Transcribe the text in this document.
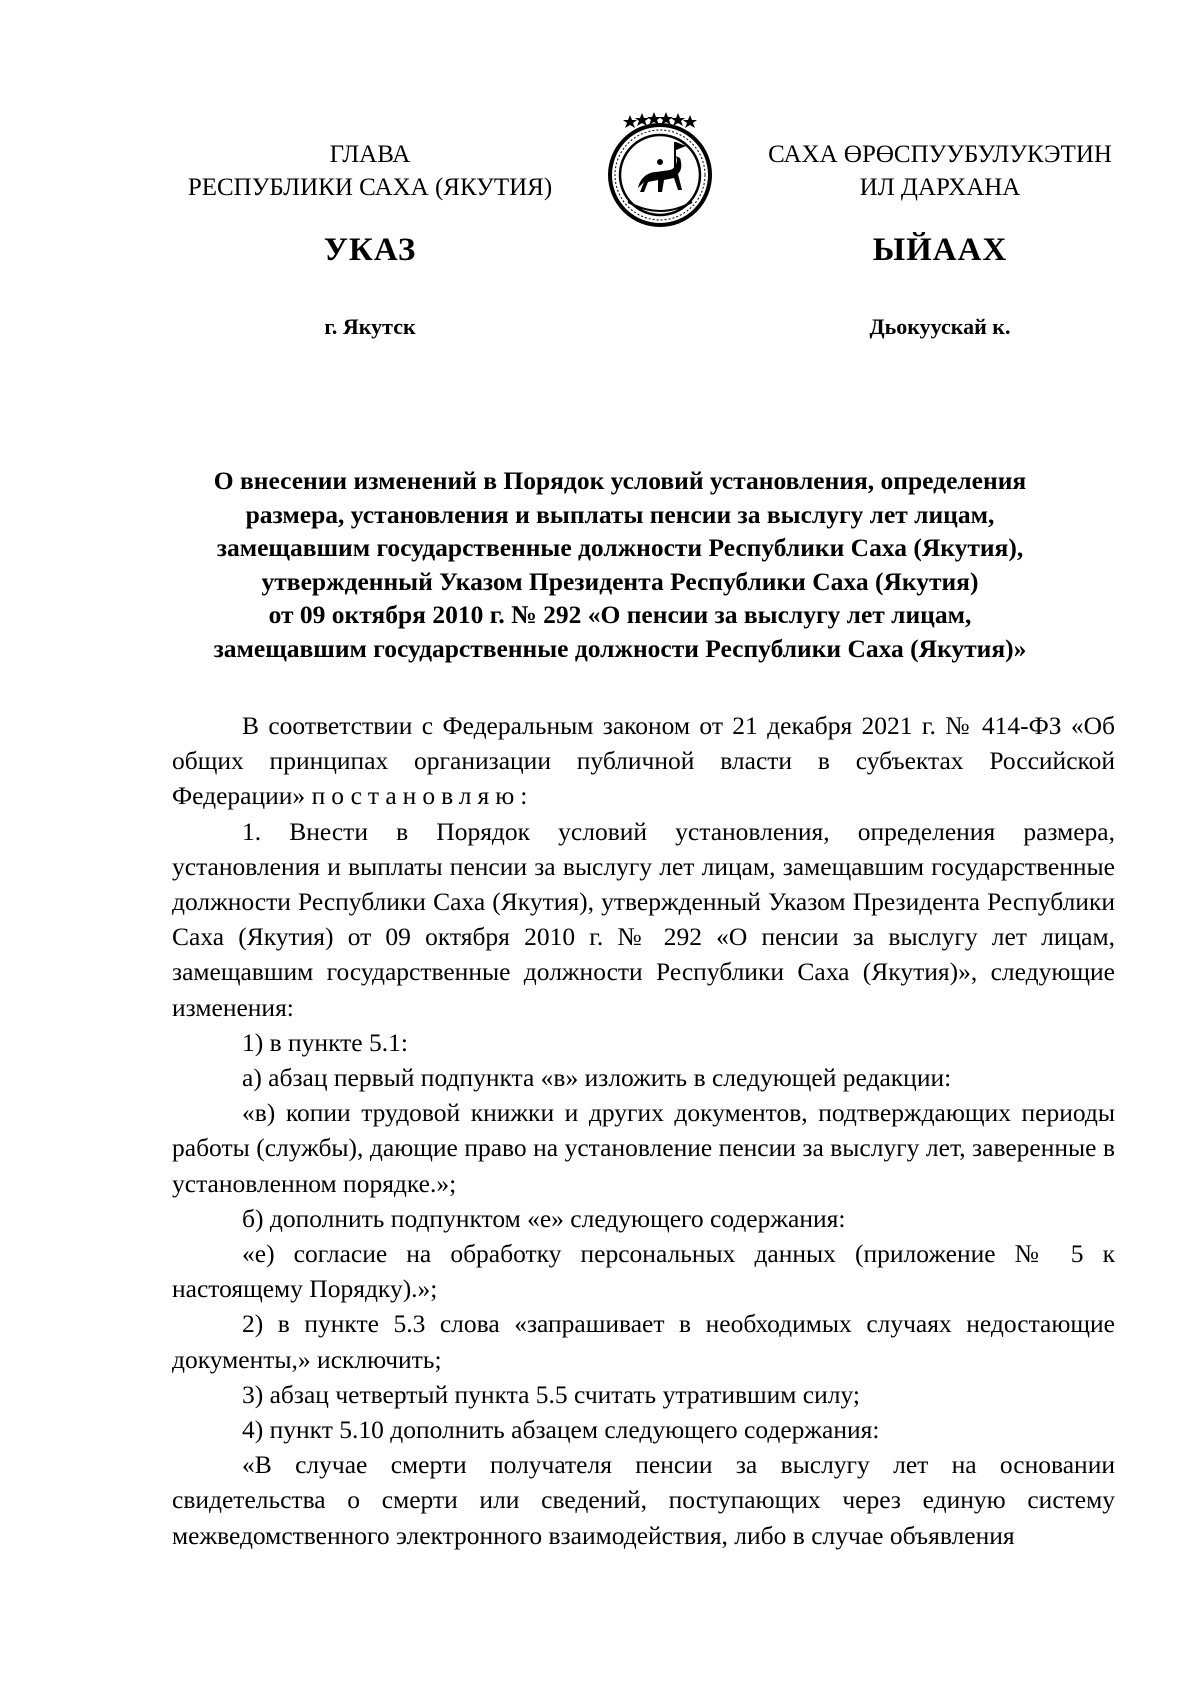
ГЛАВА
РЕСПУБЛИКИ САХА (ЯКУТИЯ)
САХА ӨРӨСПУУБУЛУКЭТИН
ИЛ ДАРХАНА
УКАЗ	ЫЙААХ
г. Якутск	Дьокуускай к.
О внесении изменений в Порядок условий установления, определения
размера, установления и выплаты пенсии за выслугу лет лицам,
замещавшим государственные должности Республики Саха (Якутия),
утвержденный Указом Президента Республики Саха (Якутия)
от 09 октября 2010 г. № 292 «О пенсии за выслугу лет лицам,
замещавшим государственные должности Республики Саха (Якутия)»

В соответствии с Федеральным законом от 21 декабря 2021 г. № 414-ФЗ «Об общих принципах организации публичной власти в субъектах Российской Федерации» постановляю:

1. Внести в Порядок условий установления, определения размера, установления и выплаты пенсии за выслугу лет лицам, замещавшим государственные должности Республики Саха (Якутия), утвержденный Указом Президента Республики Саха (Якутия) от 09 октября 2010 г. № 292 «О пенсии за выслугу лет лицам, замещавшим государственные должности Республики Саха (Якутия)», следующие изменения:

1) в пункте 5.1:

а) абзац первый подпункта «в» изложить в следующей редакции:

«в) копии трудовой книжки и других документов, подтверждающих периоды работы (службы), дающие право на установление пенсии за выслугу лет, заверенные в установленном порядке.»;

б) дополнить подпунктом «е» следующего содержания:

«е) согласие на обработку персональных данных (приложение № 5 к настоящему Порядку).»;

2) в пункте 5.3 слова «запрашивает в необходимых случаях недостающие документы,» исключить;

3) абзац четвертый пункта 5.5 считать утратившим силу;

4) пункт 5.10 дополнить абзацем следующего содержания:

«В случае смерти получателя пенсии за выслугу лет на основании свидетельства о смерти или сведений, поступающих через единую систему межведомственного электронного взаимодействия, либо в случае объявления
